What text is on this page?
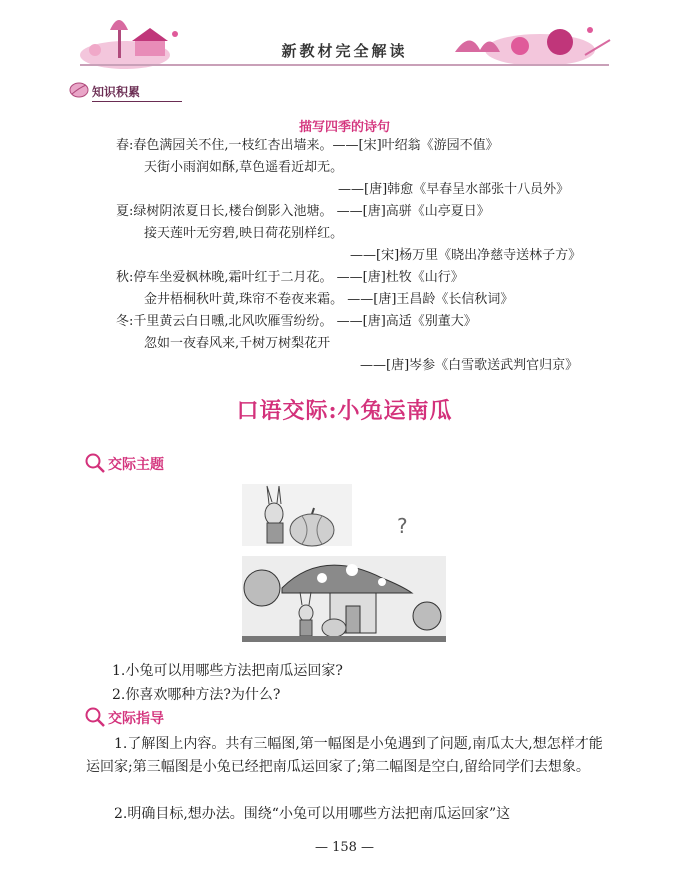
新教材完全解读
知识积累
描写四季的诗句
春:春色满园关不住,一枝红杏出墙来。——[宋]叶绍翁《游园不值》
天街小雨润如酥,草色遥看近却无。
——[唐]韩愈《早春呈水部张十八员外》
夏:绿树阴浓夏日长,楼台倒影入池塘。 ——[唐]高骈《山亭夏日》
接天莲叶无穷碧,映日荷花别样红。
——[宋]杨万里《晓出净慈寺送林子方》
秋:停车坐爱枫林晚,霜叶红于二月花。 ——[唐]杜牧《山行》
金井梧桐秋叶黄,珠帘不卷夜来霜。 ——[唐]王昌龄《长信秋词》
冬:千里黄云白日曛,北风吹雁雪纷纷。 ——[唐]高适《别董大》
忽如一夜春风来,千树万树梨花开
——[唐]岑参《白雪歌送武判官归京》
口语交际:小兔运南瓜
交际主题
?
1.小兔可以用哪些方法把南瓜运回家?
2.你喜欢哪种方法?为什么?
交际指导
1.了解图上内容。共有三幅图,第一幅图是小兔遇到了问题,南瓜太大,想怎样才能运回家;第三幅图是小兔已经把南瓜运回家了;第二幅图是空白,留给同学们去想象。
2.明确目标,想办法。围绕“小兔可以用哪些方法把南瓜运回家”这
— 158 —
